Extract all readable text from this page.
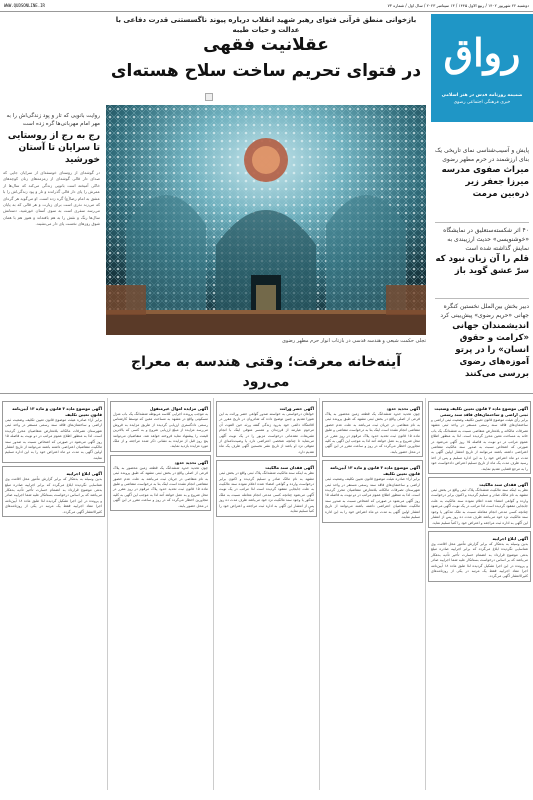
دوشنبه ۲۲ شهریور ۱۴۰۲ / ربیع الاول ۱۴۴۵ / ۱۳ سپتامبر ۲۰۲۳ / سال اول / شماره ۷۳
WWW.QUDSONLINE.IR
رواق
ضمیمه روزنامه قدس در هنر اسلامی
خبری فرهنگی اجتماعی رضوی
پایش و آسیب‌شناسی نمای تاریخی یک بنای ارزشمند در حرم مطهر رضوی
میراث صفوی مدرسه میرزا جعفر زیر ذره‌بین مرمت
۴۰ اثر شکسته‌ستعلیق در نمایشگاه «خوشنویسی» حدیث ارزیبندی به نمایش گذاشته شده است
قلم را آن زبان نبود که سرّ عشق گوید باز
دبیر بخش بین‌الملل نخستین کنگره جهانی «حریم رضوی» پیش‌بینی کرد
اندیشمندان جهانی «کرامت و حقوق انسان» را در پرتو آموزه‌های رضوی بررسی می‌کنند
بازخوانی منطق قرآنی فتوای رهبر شهید انقلاب درباره پیوند ناگسستنی قدرت دفاعی با عدالت و حیات طیبه
عقلانیت فقهی
در فتوای تحریم ساخت سلاح هسته‌ای
تجلی حکمت شیعی و هندسه قدسی در بازتاب انوار حرم مطهر رضوی
آینه‌خانه معرفت؛ وقتی هندسه به معراج می‌رود
روایت بانویی که تار و پود زندگی‌اش را به مهر امام مهربانی‌ها گره زده است
رج به رج از روستایی تا سرایان تا آستان خورشید
در گوشه‌ای از روستای خوسفه‌ای از سرایان جایی که صدای دار قالی گوشه‌ای از زمزمه‌های زنان کوچه‌های خاکی آمیخته است بانویی زندگی می‌کند که سال‌ها از عمرش را پای دار قالی گذرانده و تار و پود زندگی‌اش را با عشق به امام رضا(ع) گره زده است. او می‌گوید هر گره‌ای که می‌زند نذری است برای زیارت و هر قالی که به پایان می‌رسد سفری است به سوی آستان خورشید. دستانش سال‌ها رنگ و نقش را به هم بافته‌اند و هنوز هم با همان شوق روزهای نخست پای دار می‌نشیند.
آگهی موضوع ماده ۳ قانون تعیین تکلیف وضعیت ثبتی اراضی و ساختمان‌های فاقد سند رسمی
برابر رأی هیئت موضوع قانون تعیین تکلیف وضعیت ثبتی اراضی و ساختمان‌های فاقد سند رسمی مستقر در واحد ثبتی مشهد تصرفات مالکانه و بلامعارض متقاضی نسبت به ششدانگ یک باب خانه به مساحت معین محرز گردیده است. لذا به منظور اطلاع عموم مراتب در دو نوبت به فاصله ۱۵ روز آگهی می‌شود در صورتی که اشخاص نسبت به صدور سند مالکیت متقاضی اعتراضی داشته باشند می‌توانند از تاریخ انتشار اولین آگهی به مدت دو ماه اعتراض خود را به این اداره تسلیم و پس از اخذ رسید ظرف مدت یک ماه از تاریخ تسلیم اعتراض دادخواست خود را به مرجع قضایی تقدیم نمایند.
آگهی فقدان سند مالکیت
نظر به اینکه سند مالکیت ششدانگ پلاک ثبتی واقع در بخش ثبتی مشهد به نام مالک صادر و تسلیم گردیده و اکنون برابر درخواست وارده و گواهی امضاء شده اعلام نموده سند مالکیت به علت جابجایی مفقود گردیده است لذا مراتب در یک نوبت آگهی می‌شود چنانچه کسی مدعی انجام معامله نسبت به ملک مذکور یا وجود سند مالکیت نزد خود می‌باشد ظرف مدت ده روز پس از انتشار این آگهی به اداره ثبت مراجعه و اعتراض خود را کتباً تسلیم نماید.
آگهی ابلاغ اجراییه
بدین وسیله به بدهکار که برابر گزارش مأمور محل اقامت وی شناسایی نگردیده ابلاغ می‌گردد که برابر اجراییه صادره مبلغ بدهی موضوع قرارداد به انضمام خسارت تأخیر تأدیه بدهکار می‌باشد که بر اساس درخواست بستانکار علیه شما اجراییه صادر و پرونده در این اجرا تشکیل گردیده لذا طبق ماده ۱۸ آیین‌نامه اجرا مفاد اجراییه فقط یک مرتبه در یکی از روزنامه‌های کثیرالانتشار آگهی می‌گردد.
آگهی تحدید حدود
چون تحدید حدود ششدانگ یک قطعه زمین محصور به پلاک فرعی از اصلی واقع در بخش ثبتی مشهد که طبق پرونده ثبتی به نام متقاضی در جریان ثبت می‌باشد به علت عدم حضور متقاضی انجام نشده است اینک بنا به درخواست متقاضی و طبق ماده ۱۵ قانون ثبت تحدید حدود پلاک مرقوم در روز مقرر در محل شروع و به عمل خواهد آمد لذا به موجب این آگهی به کلیه مجاورین اخطار می‌گردد که در روز و ساعت مقرر در این آگهی در محل حضور یابند.
آگهی موضوع ماده ۳ قانون و ماده ۱۳ آیین‌نامه قانون تعیین تکلیف
برابر آراء صادره هیئت موضوع قانون تعیین تکلیف وضعیت ثبتی اراضی و ساختمان‌های فاقد سند رسمی مستقر در واحد ثبتی شهرستان تصرفات مالکانه بلامعارض متقاضیان محرز گردیده است. لذا به منظور اطلاع عموم مراتب در دو نوبت به فاصله ۱۵ روز آگهی می‌شود در صورتی که اشخاص نسبت به صدور سند مالکیت متقاضیان اعتراضی داشته باشند می‌توانند از تاریخ انتشار اولین آگهی به مدت دو ماه اعتراض خود را به این اداره تسلیم نمایند.
آگهی حصر وراثت
خواهان درخواستی به خواسته صدور گواهی حصر وراثت به این شورا تقدیم و چنین توضیح داده که شادروان در تاریخ مقرر در اقامتگاه دائمی خود بدرود زندگی گفته ورثه حین الفوت آن مرحوم عبارتند از فرزندان و همسر متوفی اینک با انجام تشریفات مقدماتی درخواست مزبور را در یک نوبت آگهی می‌نماید تا چنانچه شخصی اعتراضی دارد یا وصیت‌نامه‌ای از متوفی نزد او باشد از تاریخ نشر نخستین آگهی ظرف یک ماه تقدیم دارد.
آگهی فقدان سند مالکیت
نظر به اینکه سند مالکیت ششدانگ پلاک ثبتی واقع در بخش ثبتی مشهد به نام مالک صادر و تسلیم گردیده و اکنون برابر درخواست وارده و گواهی امضاء شده اعلام نموده سند مالکیت به علت جابجایی مفقود گردیده است لذا مراتب در یک نوبت آگهی می‌شود چنانچه کسی مدعی انجام معامله نسبت به ملک مذکور یا وجود سند مالکیت نزد خود می‌باشد ظرف مدت ده روز پس از انتشار این آگهی به اداره ثبت مراجعه و اعتراض خود را کتباً تسلیم نماید.
آگهی مزایده اموال غیرمنقول
به موجب پرونده اجرایی کلاسه مربوطه ششدانگ یک باب منزل مسکونی واقع در مشهد به مساحت معین که توسط کارشناس رسمی دادگستری ارزیابی گردیده از طریق مزایده به فروش می‌رسد مزایده از مبلغ ارزیابی شروع و به کسی که بالاترین قیمت را پیشنهاد نماید فروخته خواهد شد. متقاضیان می‌توانند پنج روز قبل از مزایده به نشانی ذکر شده مراجعه و از ملک مورد مزایده بازدید نمایند.
آگهی تحدید حدود
چون تحدید حدود ششدانگ یک قطعه زمین محصور به پلاک فرعی از اصلی واقع در بخش ثبتی مشهد که طبق پرونده ثبتی به نام متقاضی در جریان ثبت می‌باشد به علت عدم حضور متقاضی انجام نشده است اینک بنا به درخواست متقاضی و طبق ماده ۱۵ قانون ثبت تحدید حدود پلاک مرقوم در روز مقرر در محل شروع و به عمل خواهد آمد لذا به موجب این آگهی به کلیه مجاورین اخطار می‌گردد که در روز و ساعت مقرر در این آگهی در محل حضور یابند.
آگهی موضوع ماده ۳ قانون و ماده ۱۳ آیین‌نامه قانون تعیین تکلیف
برابر آراء صادره هیئت موضوع قانون تعیین تکلیف وضعیت ثبتی اراضی و ساختمان‌های فاقد سند رسمی مستقر در واحد ثبتی شهرستان تصرفات مالکانه بلامعارض متقاضیان محرز گردیده است. لذا به منظور اطلاع عموم مراتب در دو نوبت به فاصله ۱۵ روز آگهی می‌شود در صورتی که اشخاص نسبت به صدور سند مالکیت متقاضیان اعتراضی داشته باشند می‌توانند از تاریخ انتشار اولین آگهی به مدت دو ماه اعتراض خود را به این اداره تسلیم نمایند.
آگهی ابلاغ اجراییه
بدین وسیله به بدهکار که برابر گزارش مأمور محل اقامت وی شناسایی نگردیده ابلاغ می‌گردد که برابر اجراییه صادره مبلغ بدهی موضوع قرارداد به انضمام خسارت تأخیر تأدیه بدهکار می‌باشد که بر اساس درخواست بستانکار علیه شما اجراییه صادر و پرونده در این اجرا تشکیل گردیده لذا طبق ماده ۱۸ آیین‌نامه اجرا مفاد اجراییه فقط یک مرتبه در یکی از روزنامه‌های کثیرالانتشار آگهی می‌گردد.
